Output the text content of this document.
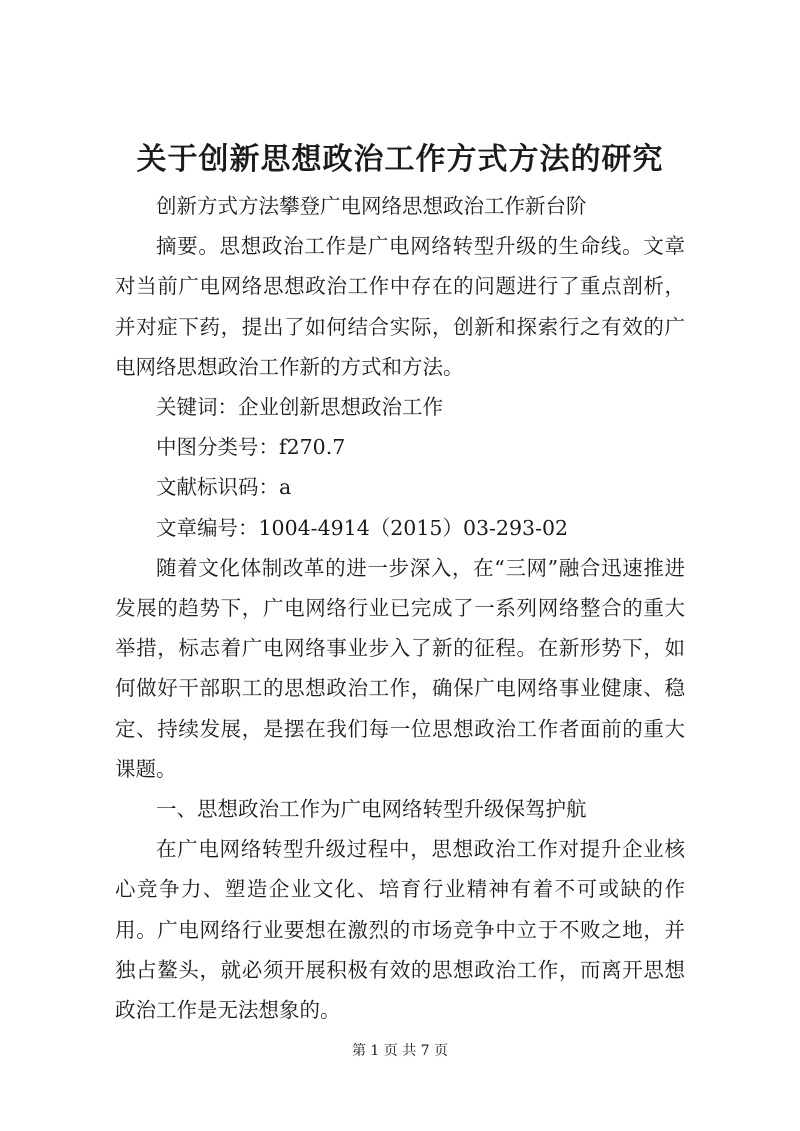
关于创新思想政治工作方式方法的研究

创新方式方法攀登广电网络思想政治工作新台阶

摘要。思想政治工作是广电网络转型升级的生命线。文章对当前广电网络思想政治工作中存在的问题进行了重点剖析，并对症下药，提出了如何结合实际，创新和探索行之有效的广电网络思想政治工作新的方式和方法。

关键词：企业创新思想政治工作

中图分类号：f270.7

文献标识码：a

文章编号：1004-4914（2015）03-293-02

随着文化体制改革的进一步深入，在“三网”融合迅速推进发展的趋势下，广电网络行业已完成了一系列网络整合的重大举措，标志着广电网络事业步入了新的征程。在新形势下，如何做好干部职工的思想政治工作，确保广电网络事业健康、稳定、持续发展，是摆在我们每一位思想政治工作者面前的重大课题。

一、思想政治工作为广电网络转型升级保驾护航

在广电网络转型升级过程中，思想政治工作对提升企业核心竞争力、塑造企业文化、培育行业精神有着不可或缺的作用。广电网络行业要想在激烈的市场竞争中立于不败之地，并独占鳌头，就必须开展积极有效的思想政治工作，而离开思想政治工作是无法想象的。

第 1 页 共 7 页
